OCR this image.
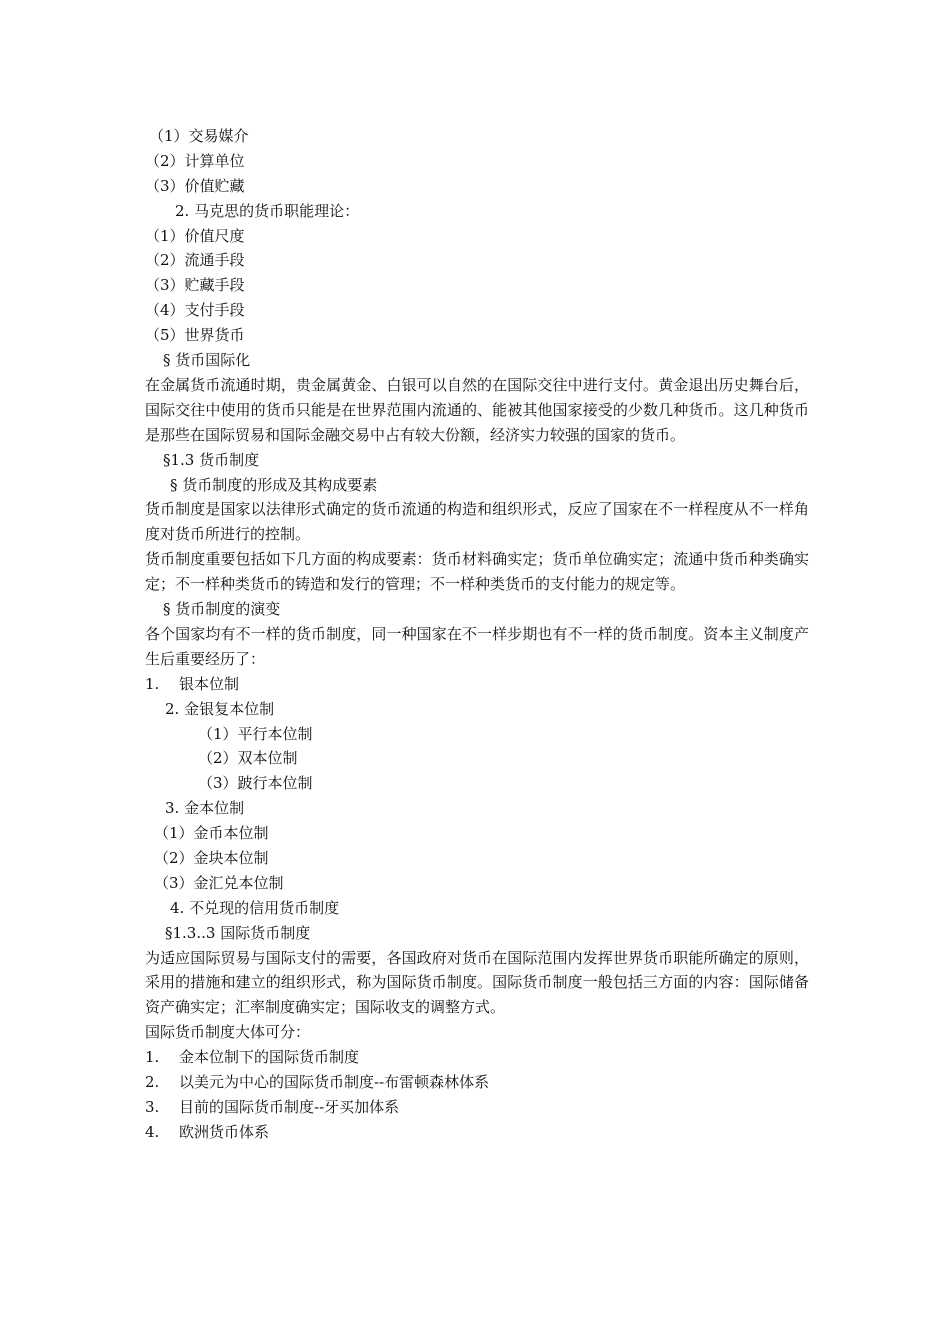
（1）交易媒介
（2）计算单位
（3）价值贮藏
2. 马克思的货币职能理论：
（1）价值尺度
（2）流通手段
（3）贮藏手段
（4）支付手段
（5）世界货币
§ 货币国际化
在金属货币流通时期，贵金属黄金、白银可以自然的在国际交往中进行支付。黄金退出历史舞台后，国际交往中使用的货币只能是在世界范围内流通的、能被其他国家接受的少数几种货币。这几种货币是那些在国际贸易和国际金融交易中占有较大份额，经济实力较强的国家的货币。
§1.3 货币制度
§ 货币制度的形成及其构成要素
货币制度是国家以法律形式确定的货币流通的构造和组织形式，反应了国家在不一样程度从不一样角度对货币所进行的控制。
货币制度重要包括如下几方面的构成要素：货币材料确实定；货币单位确实定；流通中货币种类确实定；不一样种类货币的铸造和发行的管理；不一样种类货币的支付能力的规定等。
§ 货币制度的演变
各个国家均有不一样的货币制度，同一种国家在不一样步期也有不一样的货币制度。资本主义制度产生后重要经历了：
1. 银本位制
2. 金银复本位制
（1）平行本位制
（2）双本位制
（3）跛行本位制
3. 金本位制
（1）金币本位制
（2）金块本位制
（3）金汇兑本位制
4. 不兑现的信用货币制度
§1.3..3 国际货币制度
为适应国际贸易与国际支付的需要，各国政府对货币在国际范围内发挥世界货币职能所确定的原则，采用的措施和建立的组织形式，称为国际货币制度。国际货币制度一般包括三方面的内容：国际储备资产确实定；汇率制度确实定；国际收支的调整方式。
国际货币制度大体可分：
1. 金本位制下的国际货币制度
2. 以美元为中心的国际货币制度--布雷顿森林体系
3. 目前的国际货币制度--牙买加体系
4. 欧洲货币体系
